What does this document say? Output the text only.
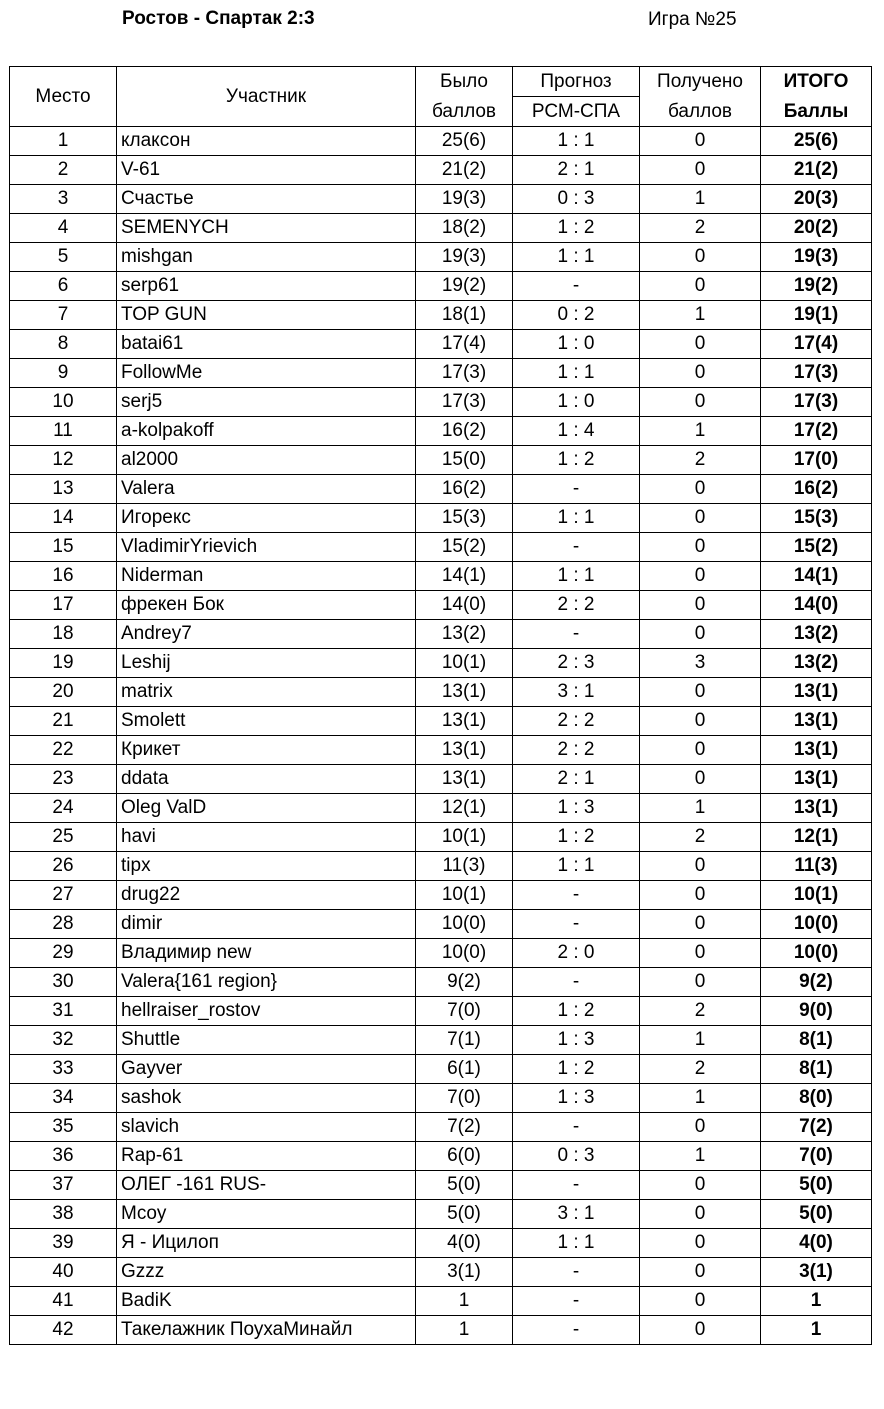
Ростов - Спартак 2:3	Игра №25
Место	Участник	Было	Прогноз	Получено	ИТОГО
		баллов	РСМ-СПА	баллов	Баллы
1	клаксон	25(6)	1 : 1	0	25(6)
2	V-61	21(2)	2 : 1	0	21(2)
3	Счастье	19(3)	0 : 3	1	20(3)
4	SEMENYCH	18(2)	1 : 2	2	20(2)
5	mishgan	19(3)	1 : 1	0	19(3)
6	serp61	19(2)	-	0	19(2)
7	TOP GUN	18(1)	0 : 2	1	19(1)
8	batai61	17(4)	1 : 0	0	17(4)
9	FollowMe	17(3)	1 : 1	0	17(3)
10	serj5	17(3)	1 : 0	0	17(3)
11	a-kolpakoff	16(2)	1 : 4	1	17(2)
12	al2000	15(0)	1 : 2	2	17(0)
13	Valera	16(2)	-	0	16(2)
14	Игорекс	15(3)	1 : 1	0	15(3)
15	VladimirYrievich	15(2)	-	0	15(2)
16	Niderman	14(1)	1 : 1	0	14(1)
17	фрекен Бок	14(0)	2 : 2	0	14(0)
18	Andrey7	13(2)	-	0	13(2)
19	Leshij	10(1)	2 : 3	3	13(2)
20	matrix	13(1)	3 : 1	0	13(1)
21	Smolett	13(1)	2 : 2	0	13(1)
22	Крикет	13(1)	2 : 2	0	13(1)
23	ddata	13(1)	2 : 1	0	13(1)
24	Oleg ValD	12(1)	1 : 3	1	13(1)
25	havi	10(1)	1 : 2	2	12(1)
26	tipx	11(3)	1 : 1	0	11(3)
27	drug22	10(1)	-	0	10(1)
28	dimir	10(0)	-	0	10(0)
29	Владимир new	10(0)	2 : 0	0	10(0)
30	Valera{161 region}	9(2)	-	0	9(2)
31	hellraiser_rostov	7(0)	1 : 2	2	9(0)
32	Shuttle	7(1)	1 : 3	1	8(1)
33	Gayver	6(1)	1 : 2	2	8(1)
34	sashok	7(0)	1 : 3	1	8(0)
35	slavich	7(2)	-	0	7(2)
36	Rap-61	6(0)	0 : 3	1	7(0)
37	ОЛЕГ -161 RUS-	5(0)	-	0	5(0)
38	Mcoy	5(0)	3 : 1	0	5(0)
39	Я - Ицилоп	4(0)	1 : 1	0	4(0)
40	Gzzz	3(1)	-	0	3(1)
41	BadiK	1	-	0	1
42	Такелажник ПоухаМинайл	1	-	0	1
